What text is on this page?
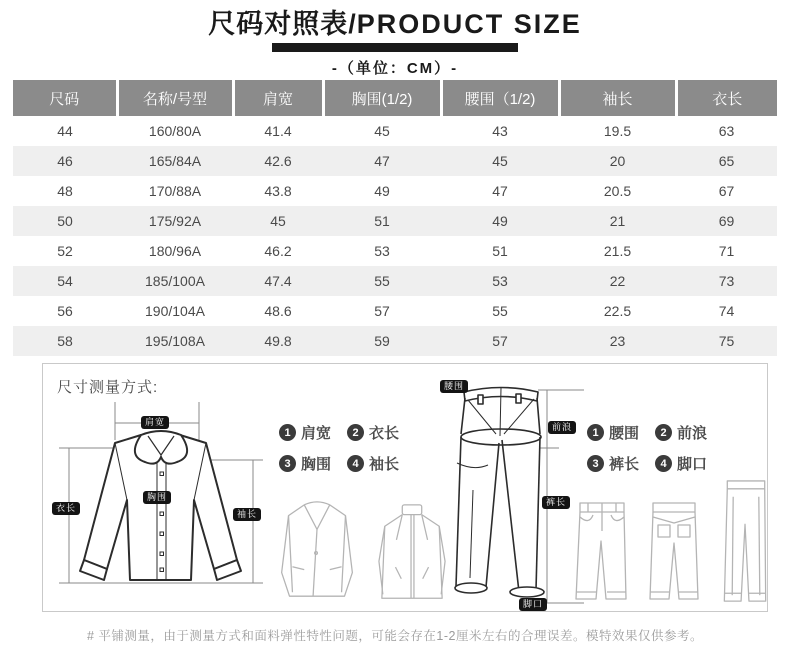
尺码对照表/PRODUCT SIZE
-（单位：CM）-
尺码	名称/号型	肩宽	胸围(1/2)	腰围（1/2)	袖长	衣长
44	160/80A	41.4	45	43	19.5	63
46	165/84A	42.6	47	45	20	65
48	170/88A	43.8	49	47	20.5	67
50	175/92A	45	51	49	21	69
52	180/96A	46.2	53	51	21.5	71
54	185/100A	47.4	55	53	22	73
56	190/104A	48.6	57	55	22.5	74
58	195/108A	49.8	59	57	23	75
尺寸测量方式:
肩宽
胸围
衣长
袖长
1 肩宽	2 衣长
3 胸围	4 袖长
腰围
前浪
裤长
脚口
1 腰围	2 前浪
3 裤长	4 脚口
# 平铺测量，由于测量方式和面料弹性特性问题，可能会存在1-2厘米左右的合理误差。模特效果仅供参考。
